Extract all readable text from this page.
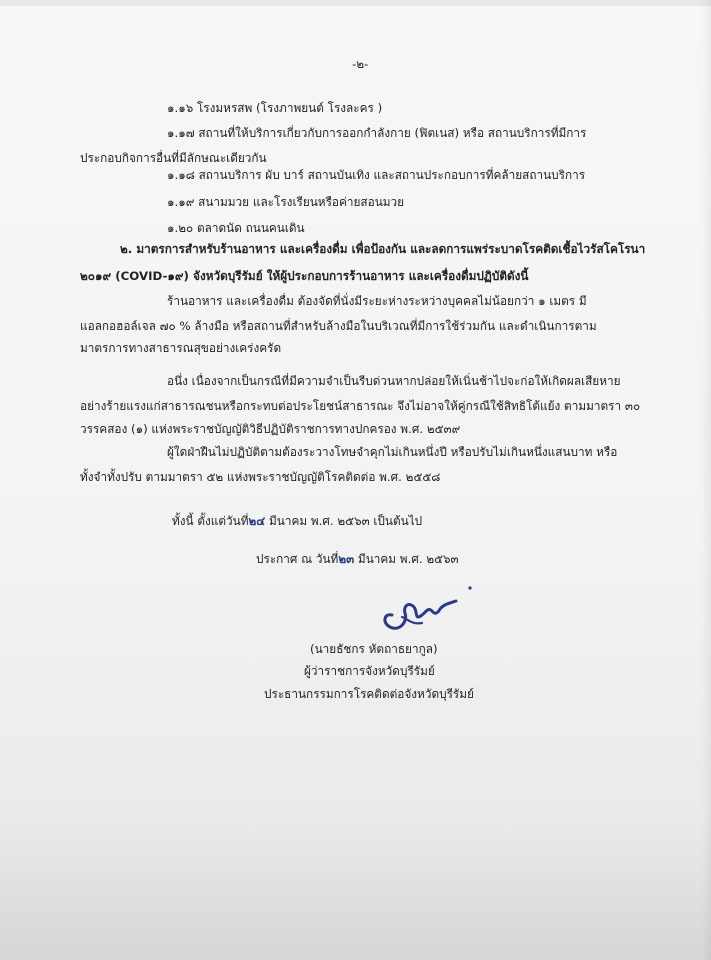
-๒-
๑.๑๖ โรงมหรสพ (โรงภาพยนต์ โรงละคร )
๑.๑๗ สถานที่ให้บริการเกี่ยวกับการออกกำลังกาย (ฟิตเนส) หรือ สถานบริการที่มีการ
ประกอบกิจการอื่นที่มีลักษณะเดียวกัน
๑.๑๘ สถานบริการ ผับ บาร์ สถานบันเทิง และสถานประกอบการที่คล้ายสถานบริการ
๑.๑๙ สนามมวย และโรงเรียนหรือค่ายสอนมวย
๑.๒๐ ตลาดนัด ถนนคนเดิน
๒. มาตรการสำหรับร้านอาหาร และเครื่องดื่ม เพื่อป้องกัน และลดการแพร่ระบาดโรคติดเชื้อไวรัสโคโรนา
๒๐๑๙ (COVID-๑๙) จังหวัดบุรีรัมย์ ให้ผู้ประกอบการร้านอาหาร และเครื่องดื่มปฏิบัติดังนี้
ร้านอาหาร และเครื่องดื่ม ต้องจัดที่นั่งมีระยะห่างระหว่างบุคคลไม่น้อยกว่า ๑ เมตร มี
แอลกอฮอล์เจล ๗๐ % ล้างมือ หรือสถานที่สำหรับล้างมือในบริเวณที่มีการใช้ร่วมกัน และดำเนินการตาม
มาตรการทางสาธารณสุขอย่างเคร่งครัด
อนึ่ง เนื่องจากเป็นกรณีที่มีความจำเป็นรีบด่วนหากปล่อยให้เนิ่นช้าไปจะก่อให้เกิดผลเสียหาย
อย่างร้ายแรงแก่สาธารณชนหรือกระทบต่อประโยชน์สาธารณะ จึงไม่อาจให้คู่กรณีใช้สิทธิโต้แย้ง ตามมาตรา ๓๐
วรรคสอง (๑) แห่งพระราชบัญญัติวิธีปฏิบัติราชการทางปกครอง พ.ศ. ๒๕๓๙
ผู้ใดฝ่าฝืนไม่ปฏิบัติตามต้องระวางโทษจำคุกไม่เกินหนึ่งปี หรือปรับไม่เกินหนึ่งแสนบาท หรือ
ทั้งจำทั้งปรับ ตามมาตรา ๕๒ แห่งพระราชบัญญัติโรคติดต่อ พ.ศ. ๒๕๕๘
ทั้งนี้ ตั้งแต่วันที่๒๔ มีนาคม พ.ศ. ๒๕๖๓ เป็นต้นไป
ประกาศ ณ วันที่๒๓ มีนาคม พ.ศ. ๒๕๖๓
(นายธัชกร หัตถาธยากูล)
ผู้ว่าราชการจังหวัดบุรีรัมย์
ประธานกรรมการโรคติดต่อจังหวัดบุรีรัมย์
